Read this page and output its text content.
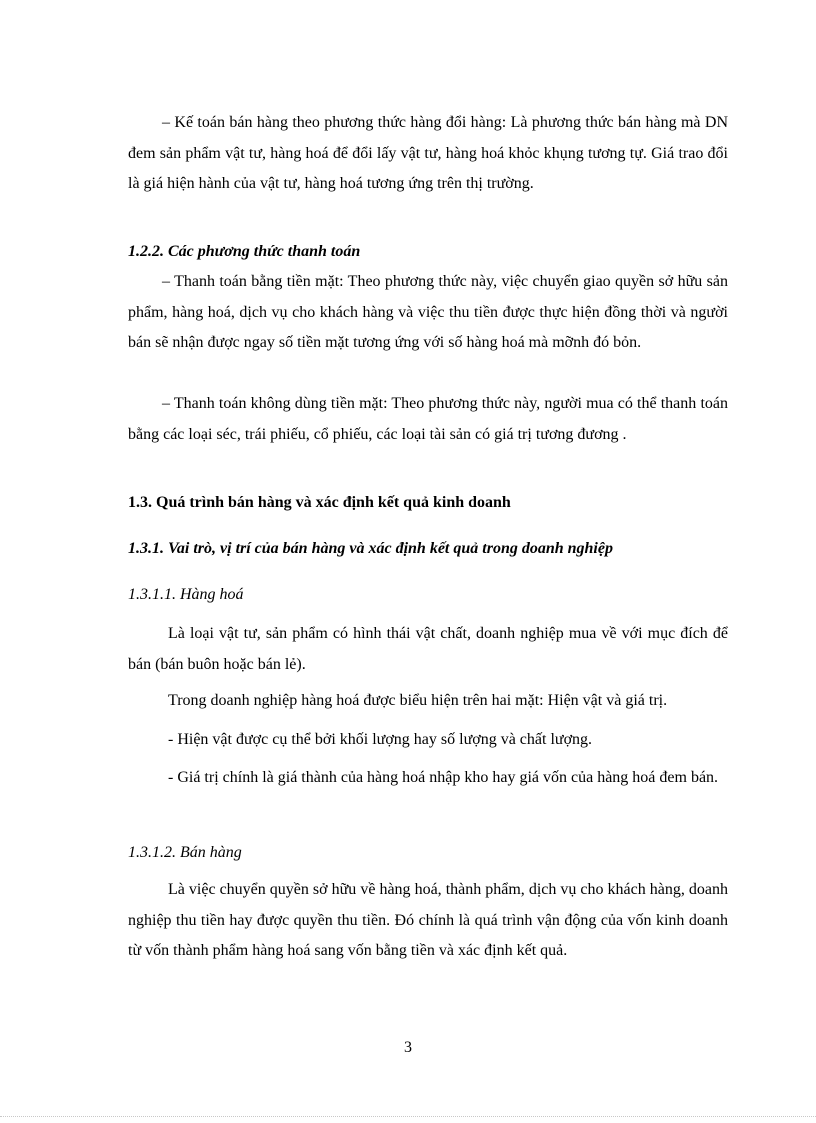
– Kế toán bán hàng theo phương thức hàng đổi hàng: Là phương thức bán hàng mà DN đem sản phẩm vật tư, hàng hoá để đổi lấy vật tư, hàng hoá khỏc khụng tương tự. Giá trao đổi là giá hiện hành của vật tư, hàng hoá tương ứng trên thị trường.
1.2.2. Các phương thức thanh toán
– Thanh toán bằng tiền mặt: Theo phương thức này, việc chuyển giao quyền sở hữu sản phẩm, hàng hoá, dịch vụ cho khách hàng và việc thu tiền được thực hiện đồng thời và người bán sẽ nhận được ngay số tiền mặt tương ứng với số hàng hoá mà mỡnh đó bỏn.
– Thanh toán không dùng tiền mặt: Theo phương thức này, người mua có thể thanh toán bằng các loại séc, trái phiếu, cổ phiếu, các loại tài sản có giá trị tương đương .
1.3. Quá trình bán hàng và xác định kết quả kinh doanh
1.3.1. Vai trò, vị trí của bán hàng và xác định kết quả trong doanh nghiệp
1.3.1.1. Hàng hoá
Là loại vật tư, sản phẩm có hình thái vật chất, doanh nghiệp mua về với mục đích để bán (bán buôn hoặc bán lẻ).
Trong doanh nghiệp hàng hoá được biểu hiện trên hai mặt: Hiện vật và giá trị.
- Hiện vật được cụ thể bởi khối lượng hay số lượng và chất lượng.
- Giá trị chính là giá thành của hàng hoá nhập kho hay giá vốn của hàng hoá đem bán.
1.3.1.2. Bán hàng
Là việc chuyển quyền sở hữu về hàng hoá, thành phẩm, dịch vụ cho khách hàng, doanh nghiệp thu tiền hay được quyền thu tiền. Đó chính là quá trình vận động của vốn kinh doanh từ vốn thành phẩm hàng hoá sang vốn bằng tiền và xác định kết quả.
3
